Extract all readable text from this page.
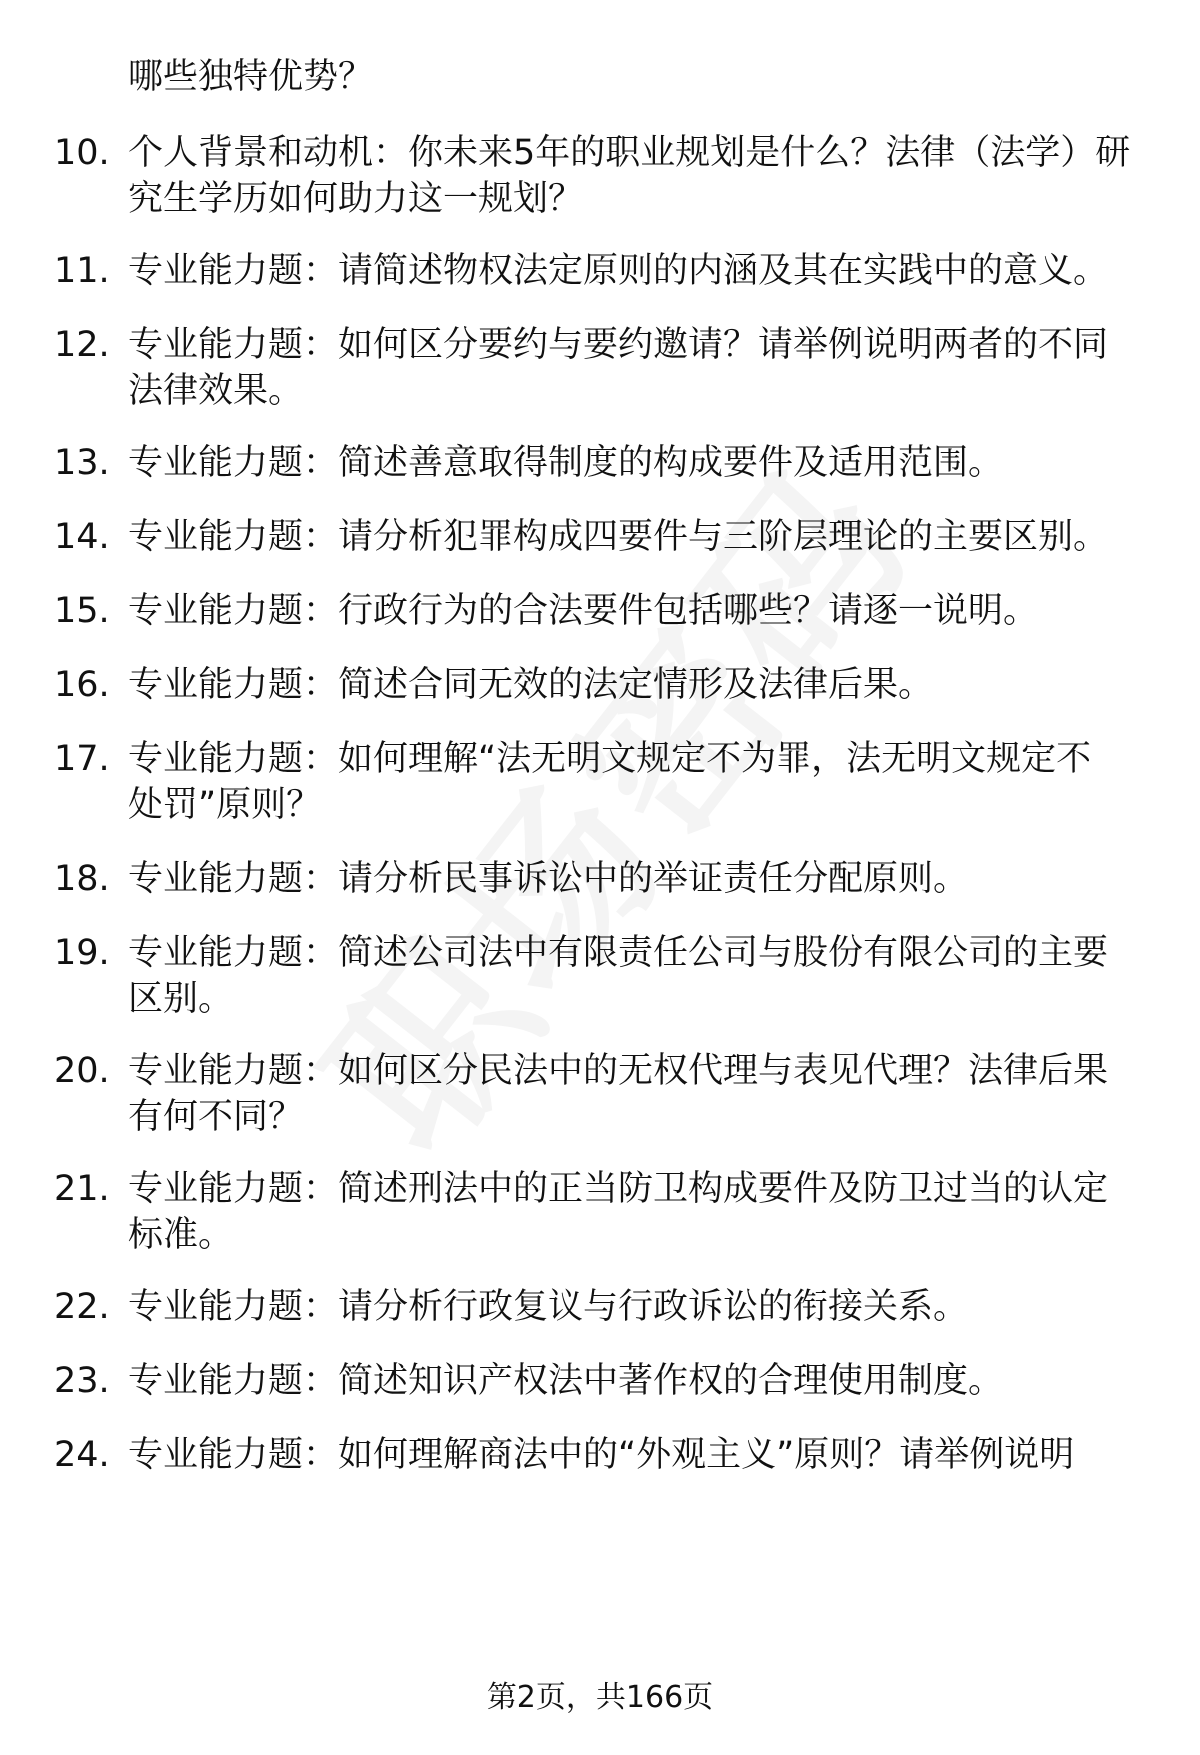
哪些独特优势？
10. 个人背景和动机：你未来5年的职业规划是什么？法律（法学）研
究生学历如何助力这一规划？
11. 专业能力题：请简述物权法定原则的内涵及其在实践中的意义。
12. 专业能力题：如何区分要约与要约邀请？请举例说明两者的不同
法律效果。
13. 专业能力题：简述善意取得制度的构成要件及适用范围。
14. 专业能力题：请分析犯罪构成四要件与三阶层理论的主要区别。
15. 专业能力题：行政行为的合法要件包括哪些？请逐一说明。
16. 专业能力题：简述合同无效的法定情形及法律后果。
17. 专业能力题：如何理解“法无明文规定不为罪，法无明文规定不
处罚”原则？
18. 专业能力题：请分析民事诉讼中的举证责任分配原则。
19. 专业能力题：简述公司法中有限责任公司与股份有限公司的主要
区别。
20. 专业能力题：如何区分民法中的无权代理与表见代理？法律后果
有何不同？
21. 专业能力题：简述刑法中的正当防卫构成要件及防卫过当的认定
标准。
22. 专业能力题：请分析行政复议与行政诉讼的衔接关系。
23. 专业能力题：简述知识产权法中著作权的合理使用制度。
24. 专业能力题：如何理解商法中的“外观主义”原则？请举例说明
第2页，共166页
